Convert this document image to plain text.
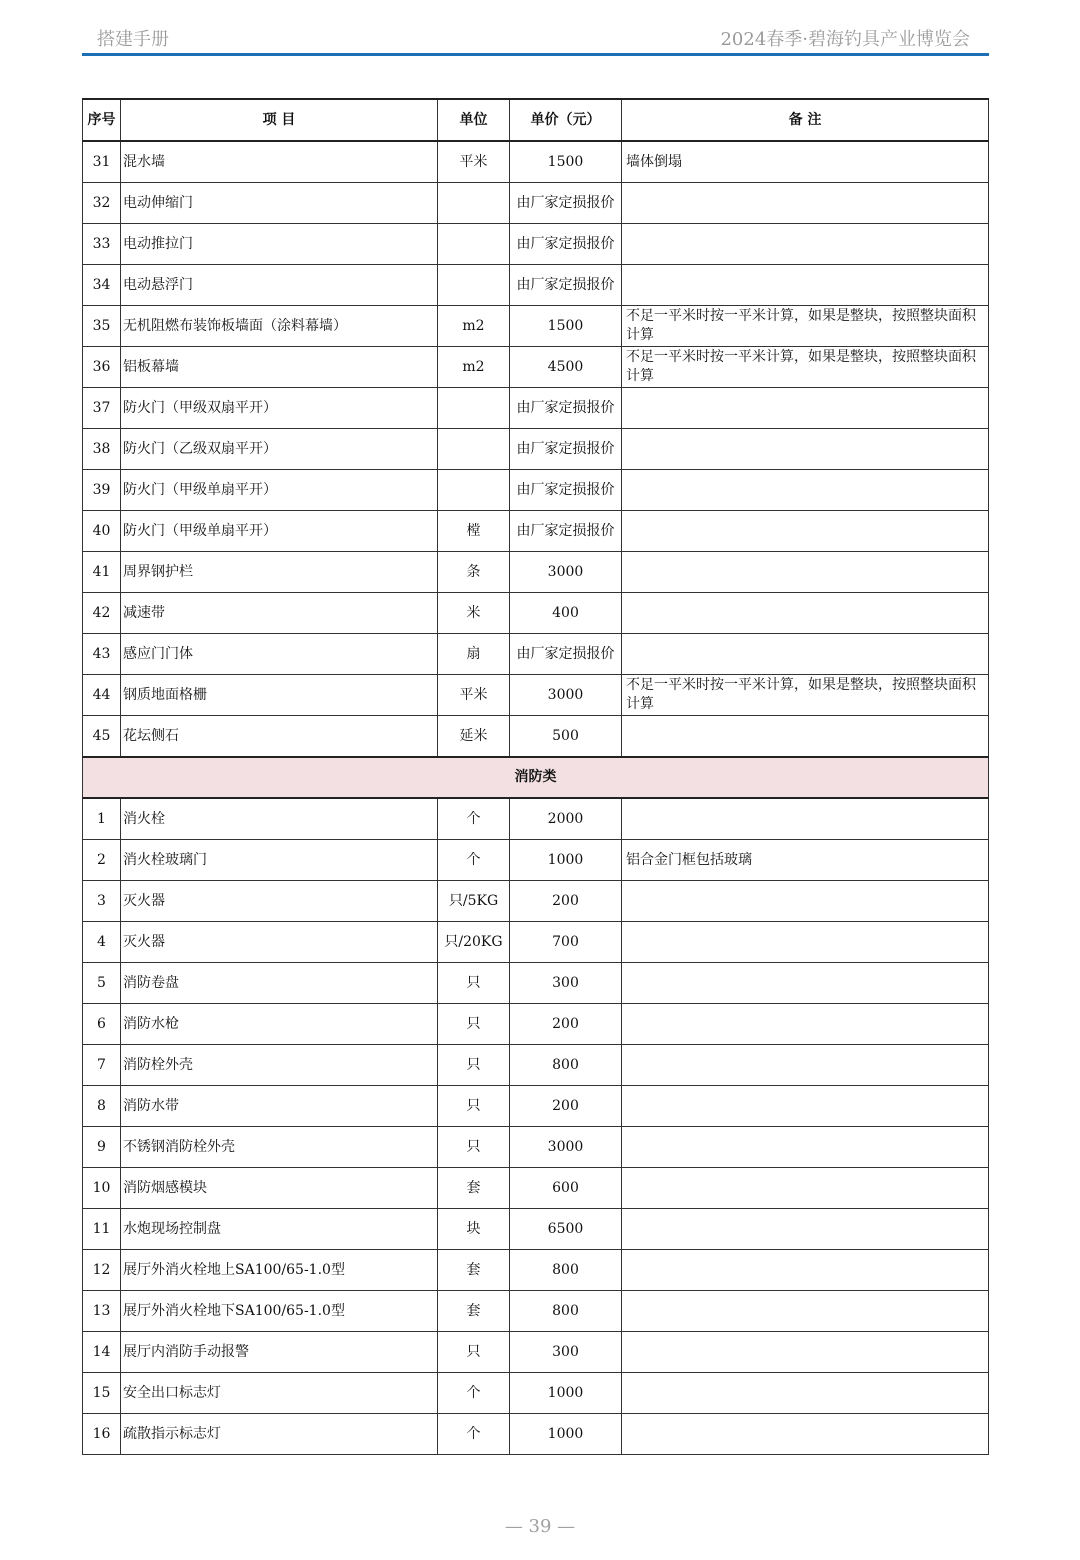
搭建手册	2024春季·碧海钓具产业博览会
序号	项 目	单位	单价（元）	备 注
31	混水墙	平米	1500	墙体倒塌
32	电动伸缩门		由厂家定损报价	
33	电动推拉门		由厂家定损报价	
34	电动悬浮门		由厂家定损报价	
35	无机阻燃布装饰板墙面（涂料幕墙）	m2	1500	不足一平米时按一平米计算，如果是整块，按照整块面积计算
36	铝板幕墙	m2	4500	不足一平米时按一平米计算，如果是整块，按照整块面积计算
37	防火门（甲级双扇平开）		由厂家定损报价	
38	防火门（乙级双扇平开）		由厂家定损报价	
39	防火门（甲级单扇平开）		由厂家定损报价	
40	防火门（甲级单扇平开）	樘	由厂家定损报价	
41	周界钢护栏	条	3000	
42	减速带	米	400	
43	感应门门体	扇	由厂家定损报价	
44	钢质地面格栅	平米	3000	不足一平米时按一平米计算，如果是整块，按照整块面积计算
45	花坛侧石	延米	500	
消防类				
1	消火栓	个	2000	
2	消火栓玻璃门	个	1000	铝合金门框包括玻璃
3	灭火器	只/5KG	200	
4	灭火器	只/20KG	700	
5	消防卷盘	只	300	
6	消防水枪	只	200	
7	消防栓外壳	只	800	
8	消防水带	只	200	
9	不锈钢消防栓外壳	只	3000	
10	消防烟感模块	套	600	
11	水炮现场控制盘	块	6500	
12	展厅外消火栓地上SA100/65-1.0型	套	800	
13	展厅外消火栓地下SA100/65-1.0型	套	800	
14	展厅内消防手动报警	只	300	
15	安全出口标志灯	个	1000	
16	疏散指示标志灯	个	1000	
— 39 —
